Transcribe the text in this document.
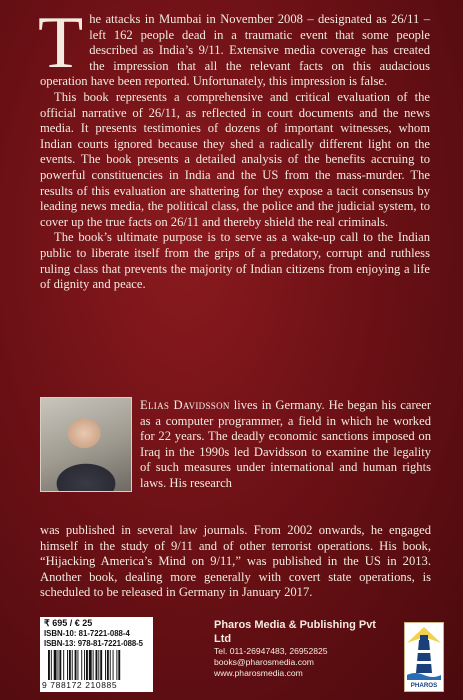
The attacks in Mumbai in November 2008 – designated as 26/11 – left 162 people dead in a traumatic event that some people described as India’s 9/11. Extensive media coverage has created the impression that all the relevant facts on this audacious operation have been reported. Unfortunately, this impression is false.

This book represents a comprehensive and critical evaluation of the official narrative of 26/11, as reflected in court documents and the news media. It presents testimonies of dozens of important witnesses, whom Indian courts ignored because they shed a radically different light on the events. The book presents a detailed analysis of the benefits accruing to powerful constituencies in India and the US from the mass-murder. The results of this evaluation are shattering for they expose a tacit consensus by leading news media, the political class, the police and the judicial system, to cover up the true facts on 26/11 and thereby shield the real criminals.

The book’s ultimate purpose is to serve as a wake-up call to the Indian public to liberate itself from the grips of a predatory, corrupt and ruthless ruling class that prevents the majority of Indian citizens from enjoying a life of dignity and peace.

Elias Davidsson lives in Germany. He began his career as a computer programmer, a field in which he worked for 22 years. The deadly economic sanctions imposed on Iraq in the 1990s led Davidsson to examine the legality of such measures under international and human rights laws. His research
was published in several law journals. From 2002 onwards, he engaged himself in the study of 9/11 and of other terrorist operations. His book, “Hijacking America’s Mind on 9/11,” was published in the US in 2013. Another book, dealing more generally with covert state operations, is scheduled to be released in Germany in January 2017.
₹ 695 / € 25
ISBN-10: 81-7221-088-4
ISBN-13: 978-81-7221-088-5
9 788172 210885
Pharos Media & Publishing Pvt Ltd
Tel. 011-26947483, 26952825
books@pharosmedia.com
www.pharosmedia.com
PHAROS
